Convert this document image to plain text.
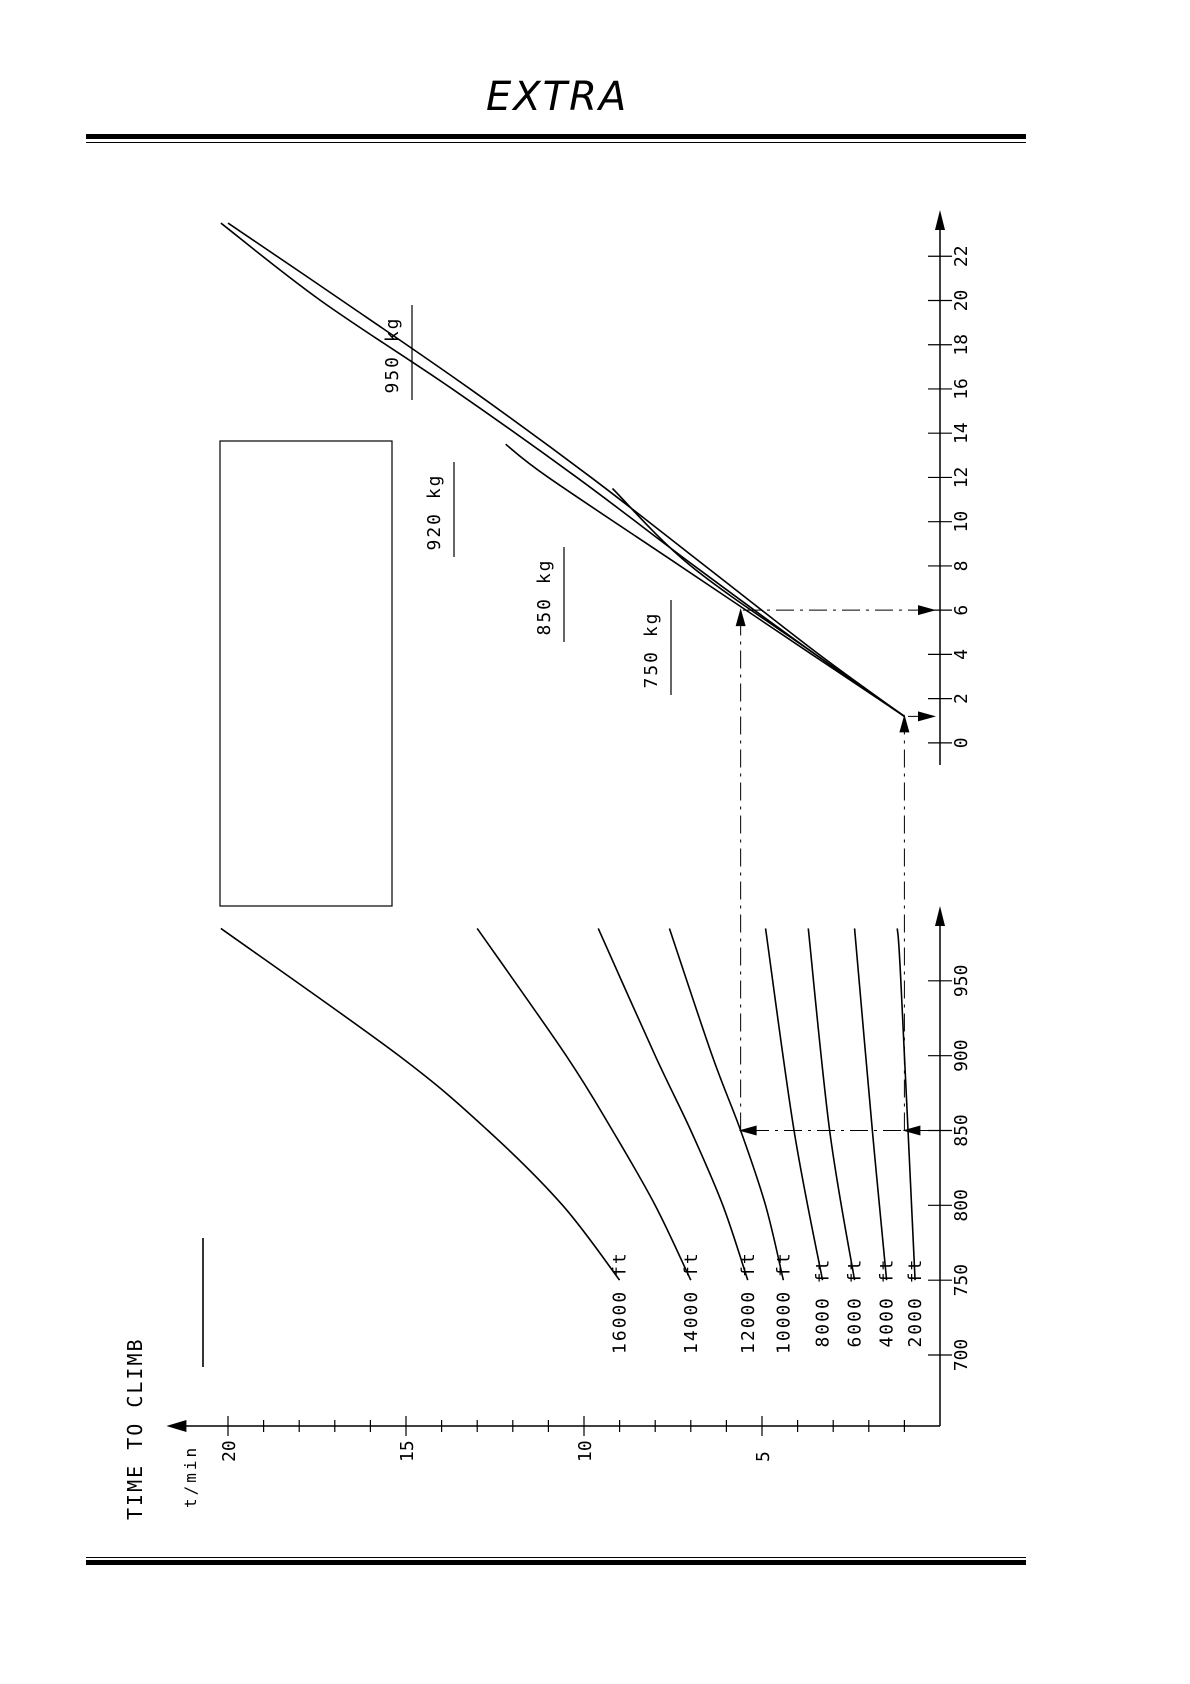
EXTRA
20	15	10	5
700
750
800
850
900
950
0
2
4
6
8
10
12
14
16
18
20
22
2000 ft
4000 ft
6000 ft
8000 ft
10000 ft
12000 ft
14000 ft
16000 ft
750 kg
850 kg
920 kg
950 kg
TIME TO CLIMB t/min
